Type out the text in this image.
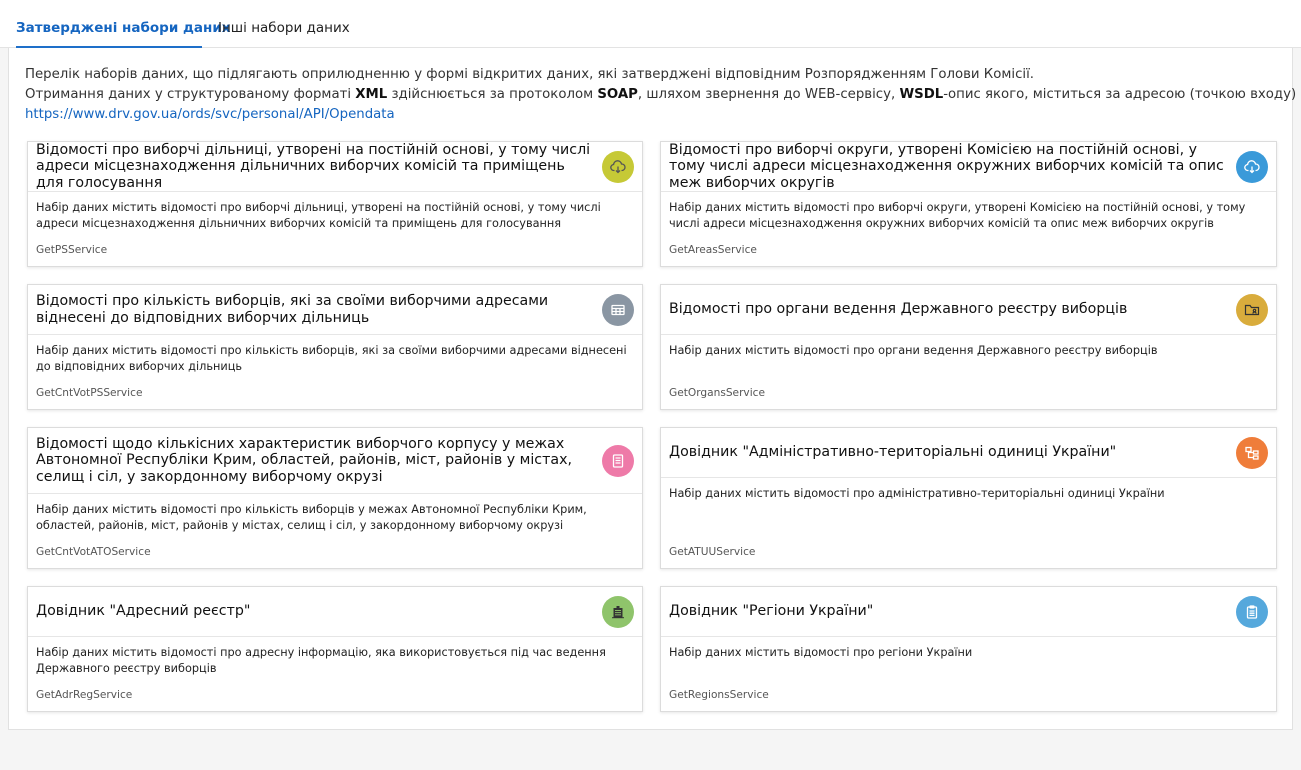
Затверджені набори даних
Інші набори даних

Перелік наборів даних, що підлягають оприлюдненню у формі відкритих даних, які затверджені відповідним Розпорядженням Голови Комісії.

Отримання даних у структурованому форматі XML здійснюється за протоколом SOAP, шляхом звернення до WEB-сервісу, WSDL-опис якого, міститься за адресою (точкою входу)

https://www.drv.gov.ua/ords/svc/personal/API/Opendata

Відомості про виборчі дільниці, утворені на постійній основі, у тому числі адреси місцезнаходження дільничних виборчих комісій та приміщень для голосування
Набір даних містить відомості про виборчі дільниці, утворені на постійній основі, у тому числі адреси місцезнаходження дільничних виборчих комісій та приміщень для голосування
GetPSService
Відомості про виборчі округи, утворені Комісією на постійній основі, у тому числі адреси місцезнаходження окружних виборчих комісій та опис меж виборчих округів
Набір даних містить відомості про виборчі округи, утворені Комісією на постійній основі, у тому числі адреси місцезнаходження окружних виборчих комісій та опис меж виборчих округів
GetAreasService
Відомості про кількість виборців, які за своїми виборчими адресами віднесені до відповідних виборчих дільниць
Набір даних містить відомості про кількість виборців, які за своїми виборчими адресами віднесені до відповідних виборчих дільниць
GetCntVotPSService
Відомості про органи ведення Державного реєстру виборців
Набір даних містить відомості про органи ведення Державного реєстру виборців
GetOrgansService
Відомості щодо кількісних характеристик виборчого корпусу у межах Автономної Республіки Крим, областей, районів, міст, районів у містах, селищ і сіл, у закордонному виборчому окрузі
Набір даних містить відомості про кількість виборців у межах Автономної Республіки Крим, областей, районів, міст, районів у містах, селищ і сіл, у закордонному виборчому окрузі
GetCntVotATOService
Довідник "Адміністративно-територіальні одиниці України"
Набір даних містить відомості про адміністративно-територіальні одиниці України
GetATUUService
Довідник "Адресний реєстр"
Набір даних містить відомості про адресну інформацію, яка використовується під час ведення Державного реєстру виборців
GetAdrRegService
Довідник "Регіони України"
Набір даних містить відомості про регіони України
GetRegionsService
